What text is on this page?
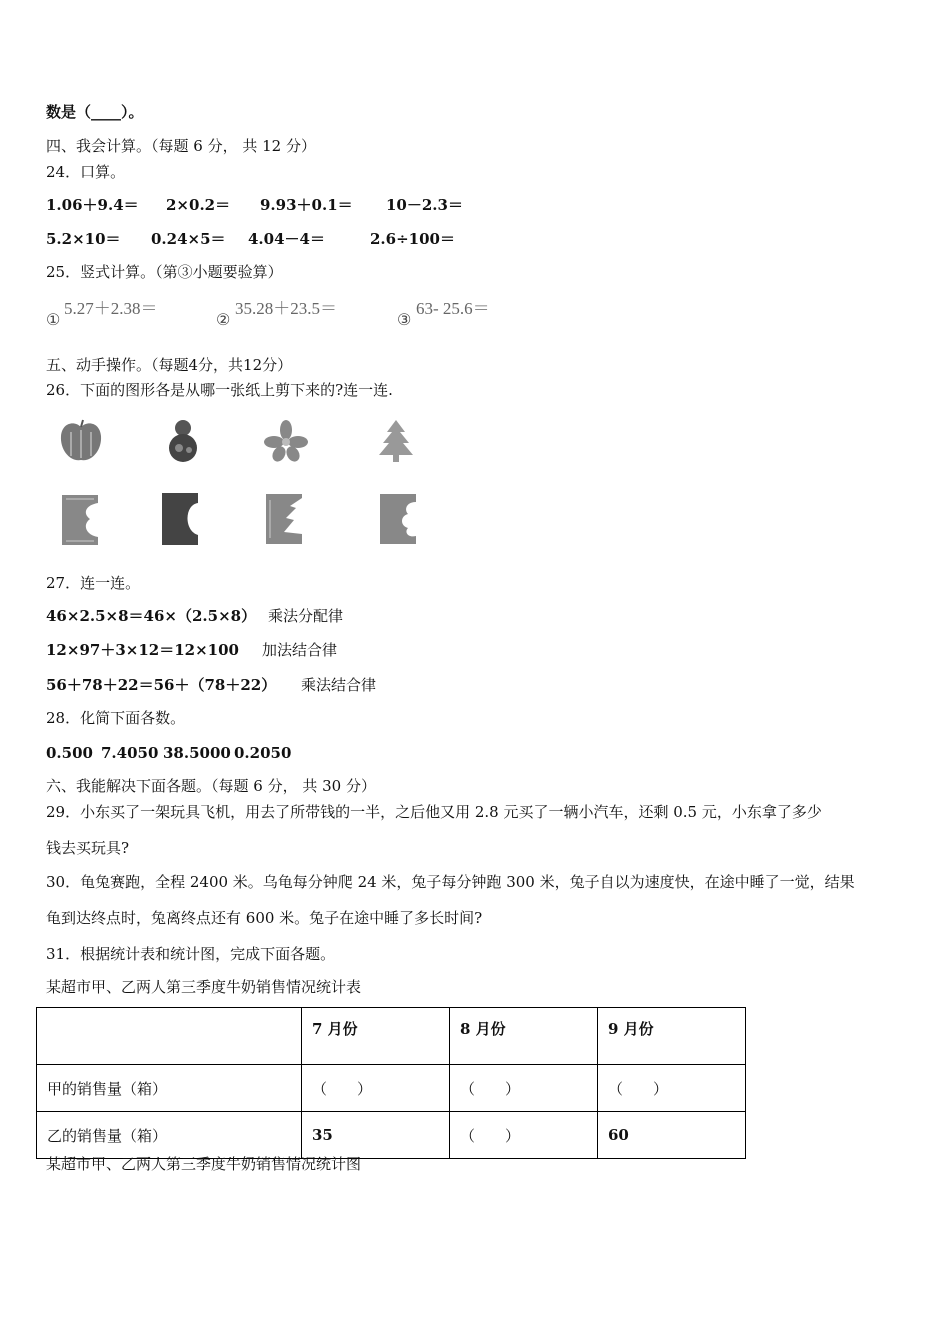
数是（____）。
四、我会计算。（每题 6 分， 共 12 分）
24．口算。
1.06＋9.4＝ 2×0.2＝ 9.93＋0.1＝ 10－2.3＝
5.2×10＝ 0.24×5＝ 4.04－4＝	2.6÷100＝
25．竖式计算。（第③小题要验算）
①
5.27＋2.38＝
②
35.28＋23.5＝
③
63- 25.6＝
五、动手操作。（每题4分，共12分）
26．下面的图形各是从哪一张纸上剪下来的?连一连.
27．连一连。
46×2.5×8＝46×（2.5×8） 乘法分配律
12×97＋3×12＝12×100 加法结合律
56＋78＋22＝56＋（78＋22） 乘法结合律
28．化简下面各数。
0.500 7.4050 38.5000 0.2050
六、我能解决下面各题。（每题 6 分， 共 30 分）
29．小东买了一架玩具飞机，用去了所带钱的一半，之后他又用 2.8 元买了一辆小汽车，还剩 0.5 元，小东拿了多少
钱去买玩具?
30．龟兔赛跑，全程 2400 米。乌龟每分钟爬 24 米，兔子每分钟跑 300 米，兔子自以为速度快，在途中睡了一觉，结果
龟到达终点时，兔离终点还有 600 米。兔子在途中睡了多长时间?
31．根据统计表和统计图，完成下面各题。
某超市甲、乙两人第三季度牛奶销售情况统计表
	7 月份	8 月份	9 月份
甲的销售量（箱）	（　　）	（　　）	（　　）
乙的销售量（箱）	35	（　　）	60
某超市甲、乙两人第三季度牛奶销售情况统计图
